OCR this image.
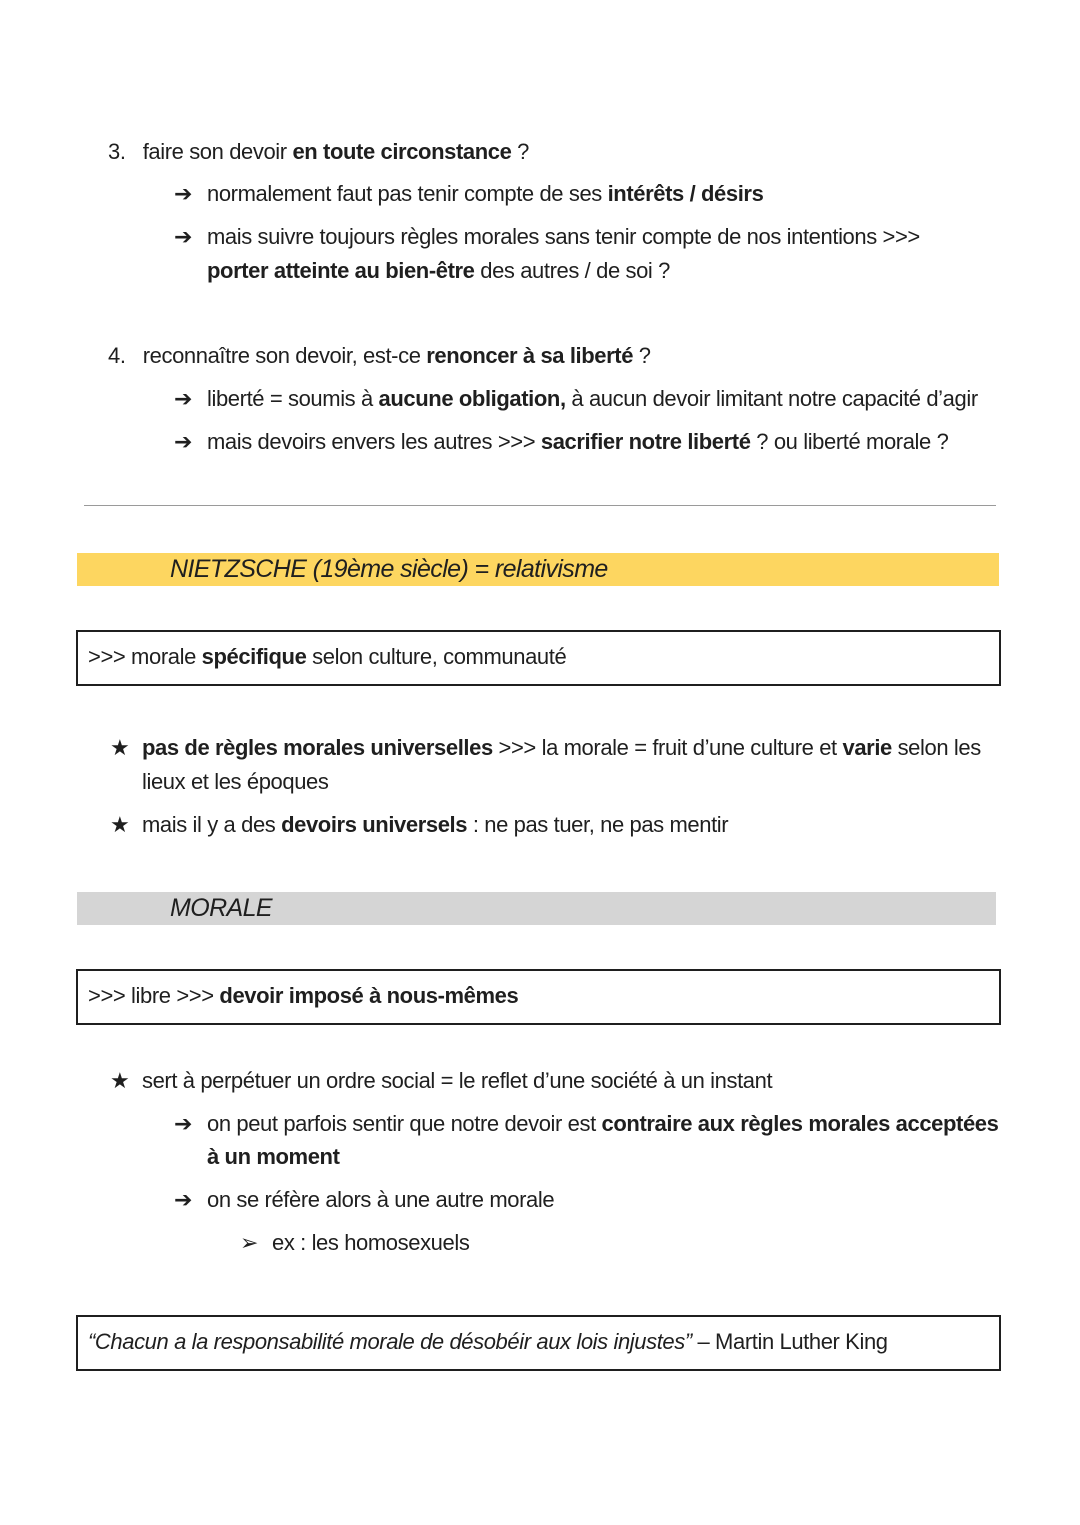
3. faire son devoir en toute circonstance ?
➔ normalement faut pas tenir compte de ses intérêts / désirs
➔ mais suivre toujours règles morales sans tenir compte de nos intentions >>>
porter atteinte au bien-être des autres / de soi ?
4. reconnaître son devoir, est-ce renoncer à sa liberté ?
➔ liberté = soumis à aucune obligation, à aucun devoir limitant notre capacité d’agir
➔ mais devoirs envers les autres >>> sacrifier notre liberté ? ou liberté morale ?
NIETZSCHE (19ème siècle) = relativisme
>>> morale spécifique selon culture, communauté
★ pas de règles morales universelles >>> la morale = fruit d’une culture et varie selon les
lieux et les époques
★ mais il y a des devoirs universels : ne pas tuer, ne pas mentir
MORALE
>>> libre >>> devoir imposé à nous-mêmes
★ sert à perpétuer un ordre social = le reflet d’une société à un instant
➔ on peut parfois sentir que notre devoir est contraire aux règles morales acceptées
à un moment
➔ on se réfère alors à une autre morale
➢ ex : les homosexuels
“Chacun a la responsabilité morale de désobéir aux lois injustes” – Martin Luther King
